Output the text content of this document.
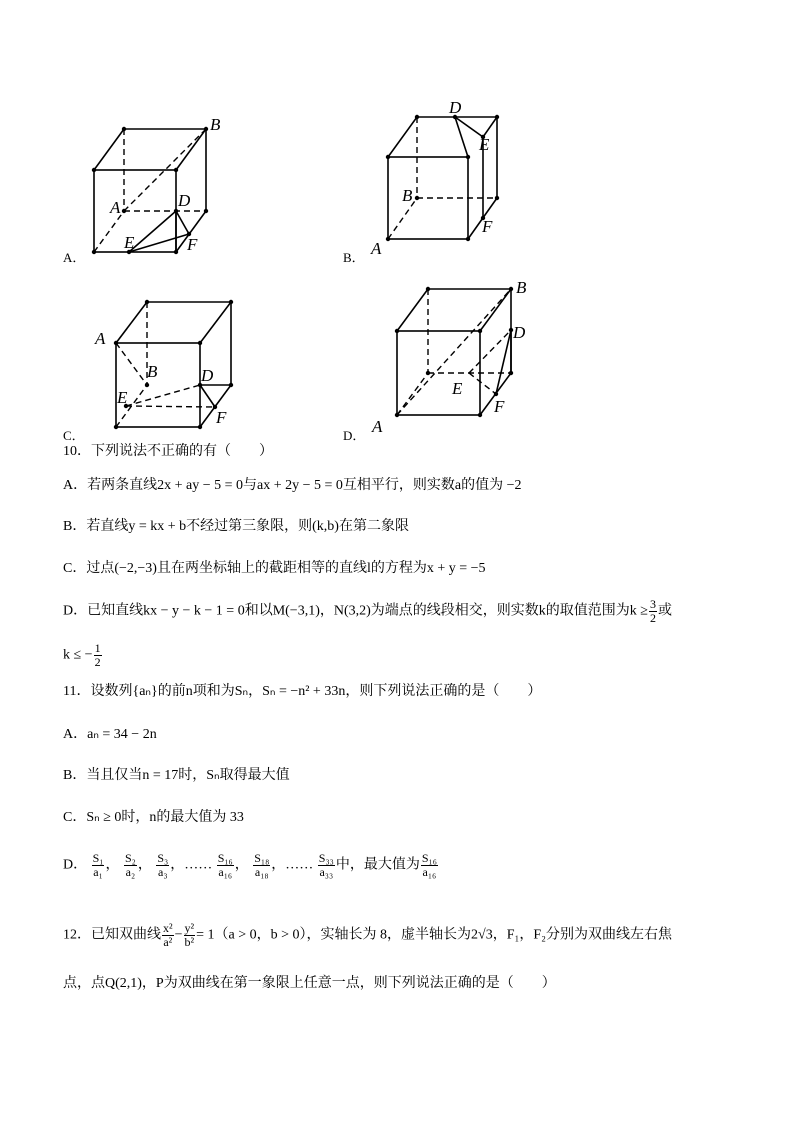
B
A	D
E	F
A．
D
E
B
A
F
B．
A
B	D
E
F
C．
B
D
E
A
F
D．
10．下列说法不正确的有（　　）
A．若两条直线2x + ay − 5 = 0与ax + 2y − 5 = 0互相平行，则实数a的值为 −2
B．若直线y = kx + b不经过第三象限，则(k,b)在第二象限
C．过点(−2,−3)且在两坐标轴上的截距相等的直线l的方程为x + y = −5
D．已知直线kx − y − k − 1 = 0和以M(−3,1)，N(3,2)为端点的线段相交，则实数k的取值范围为$k \ge \frac{3}{2}$ 或
k ≤ − $\frac{1}{2}$
11．设数列{aₙ}的前n项和为Sₙ，Sₙ = −n² + 33n，则下列说法正确的是（　　）
A．aₙ = 34 − 2n
B．当且仅当n = 17时，Sₙ取得最大值
C．Sₙ ≥ 0时，n的最大值为 33
D． $\frac{\text{S₁}}{\text{a₁}}$ ， $\frac{\text{S₂}}{\text{a₂}}$ ， $\frac{\text{S₃}}{\text{a₃}}$ ，…… $\frac{\text{S₁₆}}{\text{a₁₆}}$ ， $\frac{\text{S₁₈}}{\text{a₁₈}}$ ，…… $\frac{\text{S₃₃}}{\text{a₃₃}}$ 中，最大值为 $\frac{\text{S₁₆}}{\text{a₁₆}}$
12．已知双曲线 $\frac{\text{x²}}{\text{a²}} - \frac{\text{y²}}{\text{b²}} = 1(a > 0$，b > 0），实轴长为 8，虚半轴长为2√3，F₁，F₂分别为双曲线左右焦
点，点Q(2,1)，P为双曲线在第一象限上任意一点，则下列说法正确的是（　　）
